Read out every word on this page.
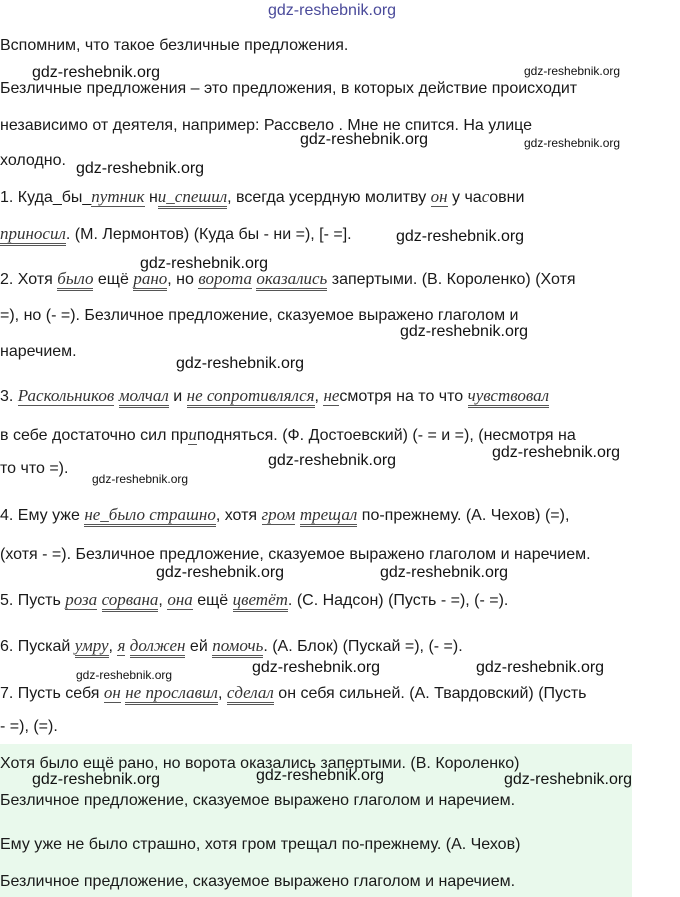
gdz-reshebnik.org
Вспомним, что такое безличные предложения.
Безличные предложения – это предложения, в которых действие происходит
независимо от деятеля, например: Рассвело . Мне не спится. На улице
холодно.
1. Куда_бы_путник ни_спешил, всегда усердную молитву он у часовни
приносил. (М. Лермонтов) (Куда бы - ни =), [- =].
2. Хотя было ещё рано, но ворота оказались запертыми. (В. Короленко) (Хотя
=), но (- =). Безличное предложение, сказуемое выражено глаголом и
наречием.
3. Раскольников молчал и не сопротивлялся, несмотря на то что чувствовал
в себе достаточно сил приподняться. (Ф. Достоевский) (- = и =), (несмотря на
то что =).
4. Ему уже не_было страшно, хотя гром трещал по-прежнему. (А. Чехов) (=),
(хотя - =). Безличное предложение, сказуемое выражено глаголом и наречием.
5. Пусть роза сорвана, она ещё цветёт. (С. Надсон) (Пусть - =), (- =).
6. Пускай умру, я должен ей помочь. (А. Блок) (Пускай =), (- =).
7. Пусть себя он не прославил, сделал он себя сильней. (А. Твардовский) (Пусть
- =), (=).
Хотя было ещё рано, но ворота оказались запертыми. (В. Короленко)
Безличное предложение, сказуемое выражено глаголом и наречием.
Ему уже не было страшно, хотя гром трещал по-прежнему. (А. Чехов)
Безличное предложение, сказуемое выражено глаголом и наречием.
gdz-reshebnik.org	gdz-reshebnik.org
gdz-reshebnik.org	gdz-reshebnik.org
gdz-reshebnik.org
gdz-reshebnik.org
gdz-reshebnik.org
gdz-reshebnik.org
gdz-reshebnik.org
gdz-reshebnik.org	gdz-reshebnik.org
gdz-reshebnik.org
gdz-reshebnik.org	gdz-reshebnik.org
gdz-reshebnik.org	gdz-reshebnik.org
gdz-reshebnik.org
gdz-reshebnik.org
gdz-reshebnik.org	gdz-reshebnik.org
